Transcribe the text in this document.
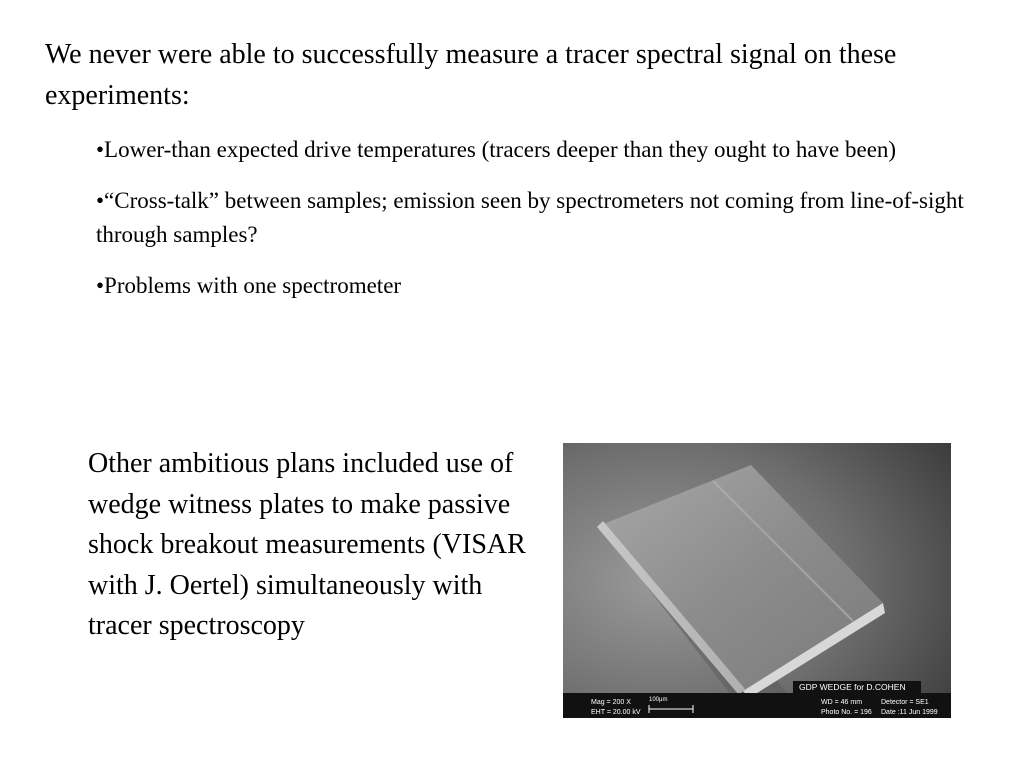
We never were able to successfully measure a tracer spectral signal on these experiments:

•Lower-than expected drive temperatures (tracers deeper than they ought to have been)
•“Cross-talk” between samples; emission seen by spectrometers not coming from line-of-sight through samples?
•Problems with one spectrometer

Other ambitious plans included use of wedge witness plates to make passive shock breakout measurements (VISAR with J. Oertel) simultaneously with tracer spectroscopy

GDP WEDGE for D.COHEN
Mag = 200 X
EHT = 20.00 kV
100µm	WD = 46 mm	Detector = SE1
Photo No. = 196 Date :11 Jun 1999
